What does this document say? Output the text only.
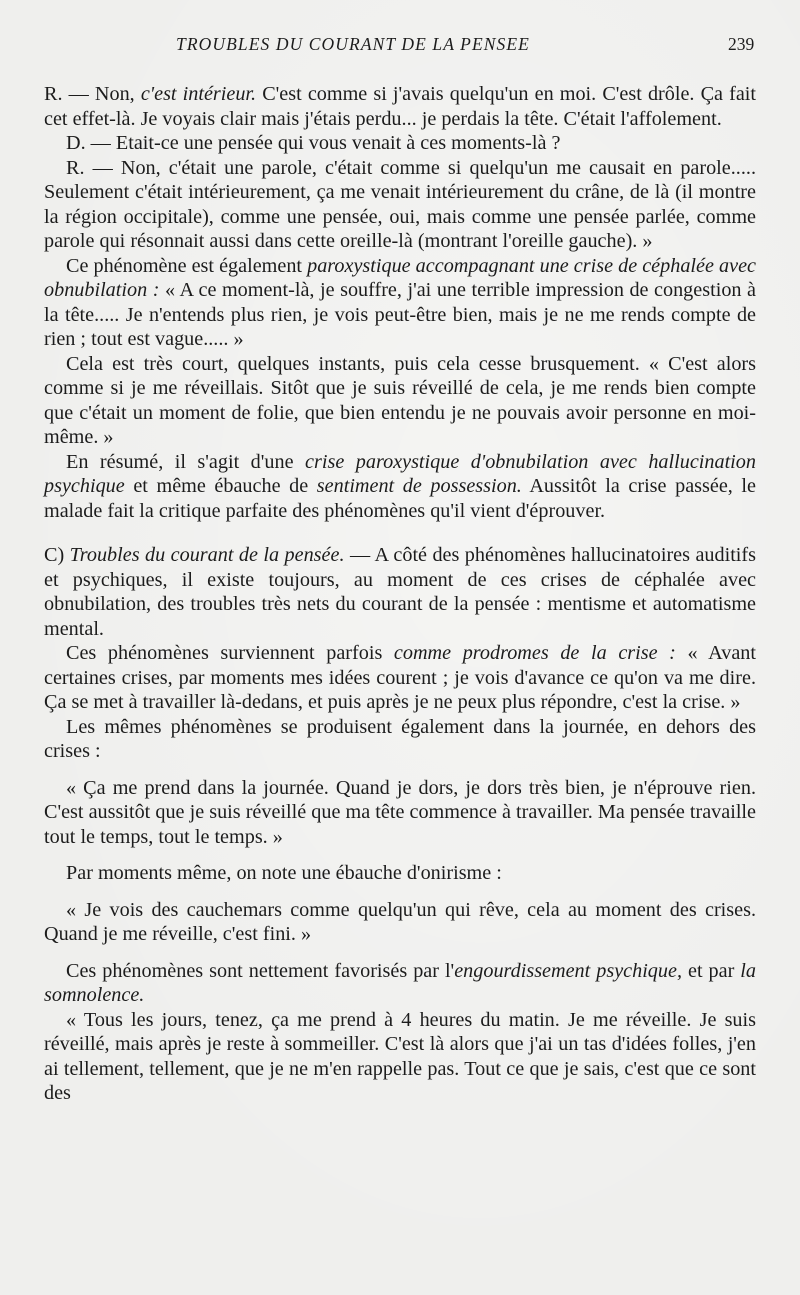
TROUBLES DU COURANT DE LA PENSEE	239

R. — Non, c'est intérieur. C'est comme si j'avais quelqu'un en moi. C'est drôle. Ça fait cet effet-là. Je voyais clair mais j'étais perdu... je perdais la tête. C'était l'affolement.

D. — Etait-ce une pensée qui vous venait à ces moments-là ?

R. — Non, c'était une parole, c'était comme si quelqu'un me causait en parole..... Seulement c'était intérieurement, ça me venait intérieurement du crâne, de là (il montre la région occipitale), comme une pensée, oui, mais comme une pensée parlée, comme parole qui résonnait aussi dans cette oreille-là (montrant l'oreille gauche). »

Ce phénomène est également paroxystique accompagnant une crise de céphalée avec obnubilation : « A ce moment-là, je souffre, j'ai une terrible impression de congestion à la tête..... Je n'entends plus rien, je vois peut-être bien, mais je ne me rends compte de rien ; tout est vague..... »

Cela est très court, quelques instants, puis cela cesse brusquement. « C'est alors comme si je me réveillais. Sitôt que je suis réveillé de cela, je me rends bien compte que c'était un moment de folie, que bien entendu je ne pouvais avoir personne en moi-même. »

En résumé, il s'agit d'une crise paroxystique d'obnubilation avec hallucination psychique et même ébauche de sentiment de possession. Aussitôt la crise passée, le malade fait la critique parfaite des phénomènes qu'il vient d'éprouver.

C) Troubles du courant de la pensée. — A côté des phénomènes hallucinatoires auditifs et psychiques, il existe toujours, au moment de ces crises de céphalée avec obnubilation, des troubles très nets du courant de la pensée : mentisme et automatisme mental.

Ces phénomènes surviennent parfois comme prodromes de la crise : « Avant certaines crises, par moments mes idées courent ; je vois d'avance ce qu'on va me dire. Ça se met à travailler là-dedans, et puis après je ne peux plus répondre, c'est la crise. »

Les mêmes phénomènes se produisent également dans la journée, en dehors des crises :

« Ça me prend dans la journée. Quand je dors, je dors très bien, je n'éprouve rien. C'est aussitôt que je suis réveillé que ma tête commence à travailler. Ma pensée travaille tout le temps, tout le temps. »

Par moments même, on note une ébauche d'onirisme :

« Je vois des cauchemars comme quelqu'un qui rêve, cela au moment des crises. Quand je me réveille, c'est fini. »

Ces phénomènes sont nettement favorisés par l'engourdissement psychique, et par la somnolence.

« Tous les jours, tenez, ça me prend à 4 heures du matin. Je me réveille. Je suis réveillé, mais après je reste à sommeiller. C'est là alors que j'ai un tas d'idées folles, j'en ai tellement, tellement, que je ne m'en rappelle pas. Tout ce que je sais, c'est que ce sont des
